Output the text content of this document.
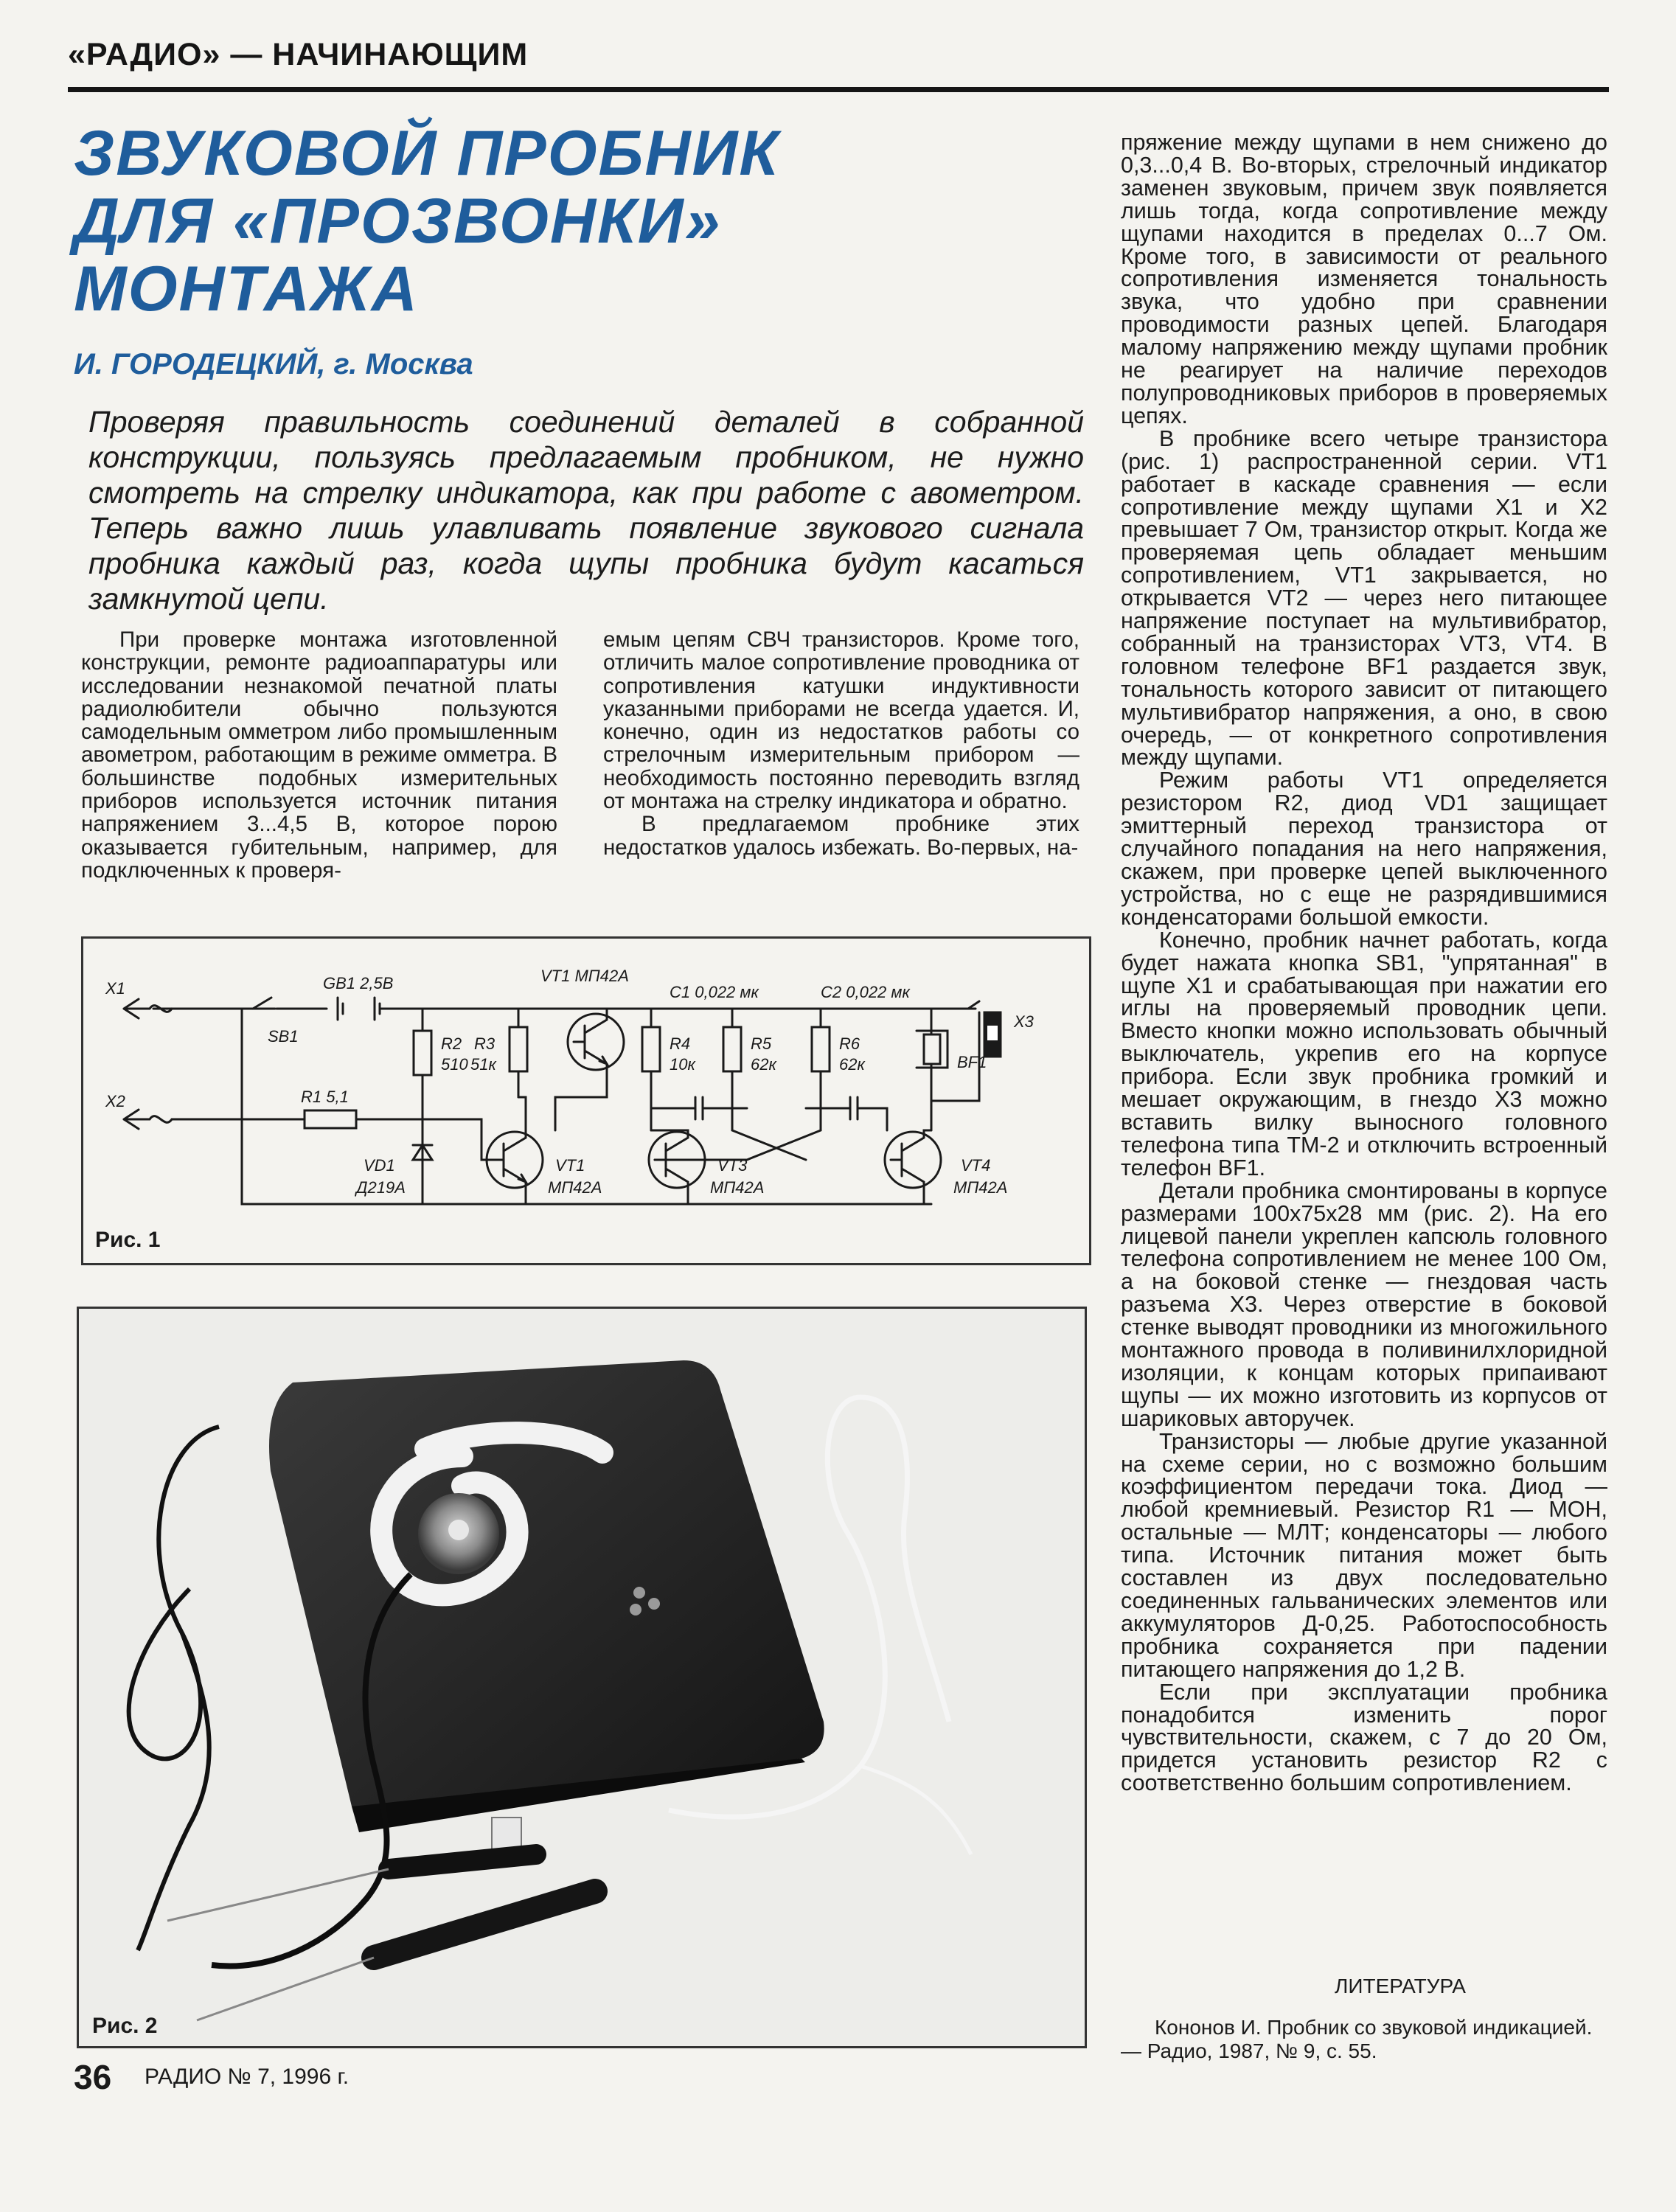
«РАДИО» — НАЧИНАЮЩИМ
ЗВУКОВОЙ ПРОБНИК
ДЛЯ «ПРОЗВОНКИ»
МОНТАЖА
И. ГОРОДЕЦКИЙ, г. Москва
Проверяя правильность соединений деталей в собранной конструкции, пользуясь предлагаемым пробником, не нужно смотреть на стрелку индикатора, как при работе с авометром. Теперь важно лишь улавливать появление звукового сигнала пробника каждый раз, когда щупы пробника будут касаться замкнутой цепи.

При проверке монтажа изготовленной конструкции, ремонте радиоаппаратуры или исследовании незнакомой печатной платы радиолюбители обычно пользуются самодельным омметром либо промышленным авометром, работающим в режиме омметра. В большинстве подобных измерительных приборов используется источник питания напряжением 3...4,5 В, которое порою оказывается губительным, например, для подключенных к проверя-

емым цепям СВЧ транзисторов. Кроме того, отличить малое сопротивление проводника от сопротивления катушки индуктивности указанными приборами не всегда удается. И, конечно, один из недостатков работы со стрелочным измерительным прибором — необходимость постоянно переводить взгляд от монтажа на стрелку индикатора и обратно.

В предлагаемом пробнике этих недостатков удалось избежать. Во-первых, на-

пряжение между щупами в нем снижено до 0,3...0,4 В. Во-вторых, стрелочный индикатор заменен звуковым, причем звук появляется лишь тогда, когда сопротивление между щупами находится в пределах 0...7 Ом. Кроме того, в зависимости от реального сопротивления изменяется тональность звука, что удобно при сравнении проводимости разных цепей. Благодаря малому напряжению между щупами пробник не реагирует на наличие переходов полупроводниковых приборов в проверяемых цепях.

В пробнике всего четыре транзистора (рис. 1) распространенной серии. VT1 работает в каскаде сравнения — если сопротивление между щупами X1 и X2 превышает 7 Ом, транзистор открыт. Когда же проверяемая цепь обладает меньшим сопротивлением, VT1 закрывается, но открывается VT2 — через него питающее напряжение поступает на мультивибратор, собранный на транзисторах VT3, VT4. В головном телефоне BF1 раздается звук, тональность которого зависит от питающего мультивибратор напряжения, а оно, в свою очередь, — от конкретного сопротивления между щупами.

Режим работы VT1 определяется резистором R2, диод VD1 защищает эмиттерный переход транзистора от случайного попадания на него напряжения, скажем, при проверке цепей выключенного устройства, но с еще не разрядившимися конденсаторами большой емкости.

Конечно, пробник начнет работать, когда будет нажата кнопка SB1, "упрятанная" в щупе X1 и срабатывающая при нажатии его иглы на проверяемый проводник цепи. Вместо кнопки можно использовать обычный выключатель, укрепив его на корпусе прибора. Если звук пробника громкий и мешает окружающим, в гнездо X3 можно вставить вилку выносного головного телефона типа ТМ-2 и отключить встроенный телефон BF1.

Детали пробника смонтированы в корпусе размерами 100x75x28 мм (рис. 2). На его лицевой панели укреплен капсюль головного телефона сопротивлением не менее 100 Ом, а на боковой стенке — гнездовая часть разъема X3. Через отверстие в боковой стенке выводят проводники из многожильного монтажного провода в поливинилхлоридной изоляции, к концам которых припаивают щупы — их можно изготовить из корпусов от шариковых авторучек.

Транзисторы — любые другие указанной на схеме серии, но с возможно большим коэффициентом передачи тока. Диод — любой кремниевый. Резистор R1 — МОН, остальные — МЛТ; конденсаторы — любого типа. Источник питания может быть составлен из двух последовательно соединенных гальванических элементов или аккумуляторов Д-0,25. Работоспособность пробника сохраняется при падении питающего напряжения до 1,2 В.

Если при эксплуатации пробника понадобится изменить порог чувствительности, скажем, с 7 до 20 Ом, придется установить резистор R2 с соответственно большим сопротивлением.

X1
X2
X3
GB1 2,5В
SB1
R1 5,1
R2
510
R3
51к
R4
10к
R5
62к
R6
62к
C1 0,022 мк	C2 0,022 мк
VT1 МП42А
VD1
Д219А
VT1
МП42А
VT3
МП42А
VT4
МП42А
BF1
Рис. 1
Рис. 2
ЛИТЕРАТУРА

Кононов И. Пробник со звуковой индикацией. — Радио, 1987, № 9, с. 55.

36 РАДИО № 7, 1996 г.
